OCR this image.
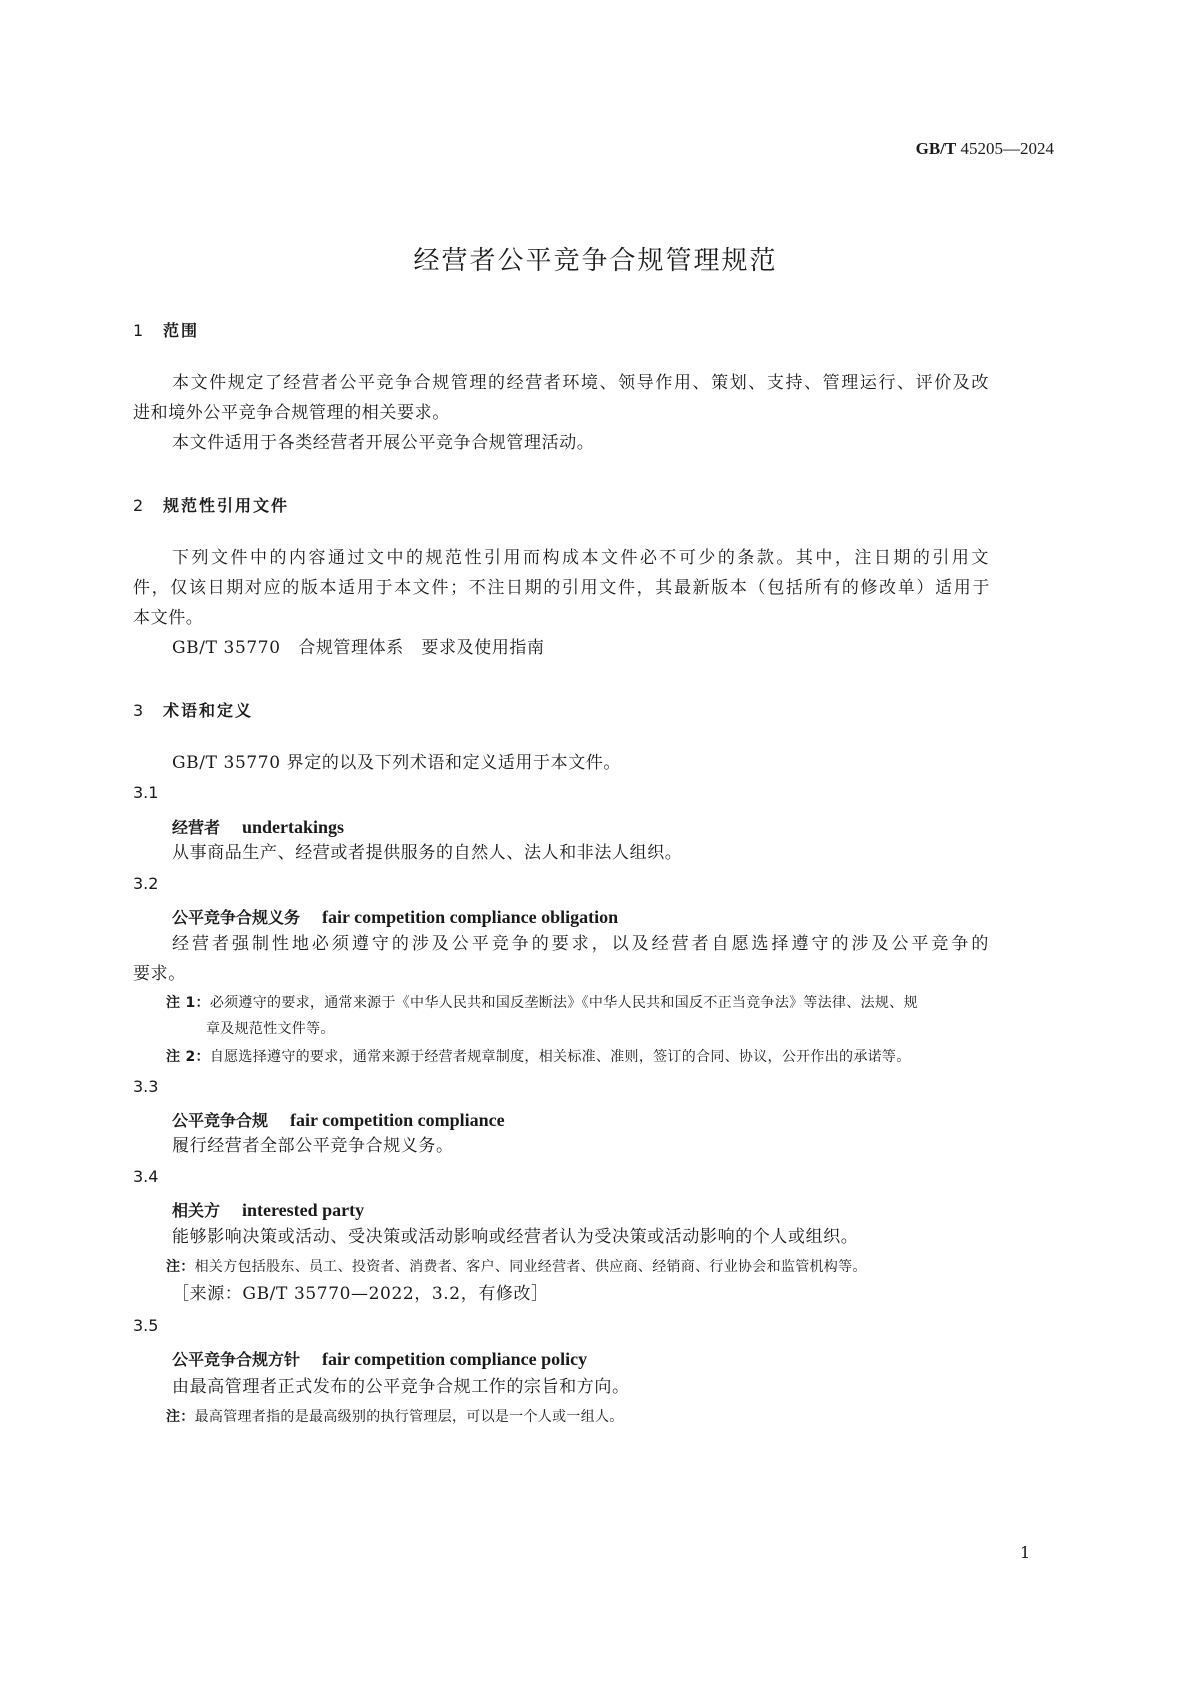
GB/T 45205—2024

经营者公平竞争合规管理规范
1 范围

本文件规定了经营者公平竞争合规管理的经营者环境、领导作用、策划、支持、管理运行、评价及改

进和境外公平竞争合规管理的相关要求。

本文件适用于各类经营者开展公平竞争合规管理活动。

2 规范性引用文件

下列文件中的内容通过文中的规范性引用而构成本文件必不可少的条款。其中，注日期的引用文

件，仅该日期对应的版本适用于本文件；不注日期的引用文件，其最新版本（包括所有的修改单）适用于

本文件。

GB/T 35770　合规管理体系　要求及使用指南

3 术语和定义

GB/T 35770 界定的以及下列术语和定义适用于本文件。

3.1
经营者 undertakings

从事商品生产、经营或者提供服务的自然人、法人和非法人组织。

3.2
公平竞争合规义务 fair competition compliance obligation

经营者强制性地必须遵守的涉及公平竞争的要求，以及经营者自愿选择遵守的涉及公平竞争的

要求。

注 1：必须遵守的要求，通常来源于《中华人民共和国反垄断法》《中华人民共和国反不正当竞争法》等法律、法规、规
章及规范性文件等。
注 2：自愿选择遵守的要求，通常来源于经营者规章制度，相关标准、准则，签订的合同、协议，公开作出的承诺等。
3.3
公平竞争合规 fair competition compliance

履行经营者全部公平竞争合规义务。

3.4
相关方 interested party

能够影响决策或活动、受决策或活动影响或经营者认为受决策或活动影响的个人或组织。

注：相关方包括股东、员工、投资者、消费者、客户、同业经营者、供应商、经销商、行业协会和监管机构等。

［来源：GB/T 35770—2022，3.2，有修改］

3.5
公平竞争合规方针 fair competition compliance policy

由最高管理者正式发布的公平竞争合规工作的宗旨和方向。

注：最高管理者指的是最高级别的执行管理层，可以是一个人或一组人。
1
